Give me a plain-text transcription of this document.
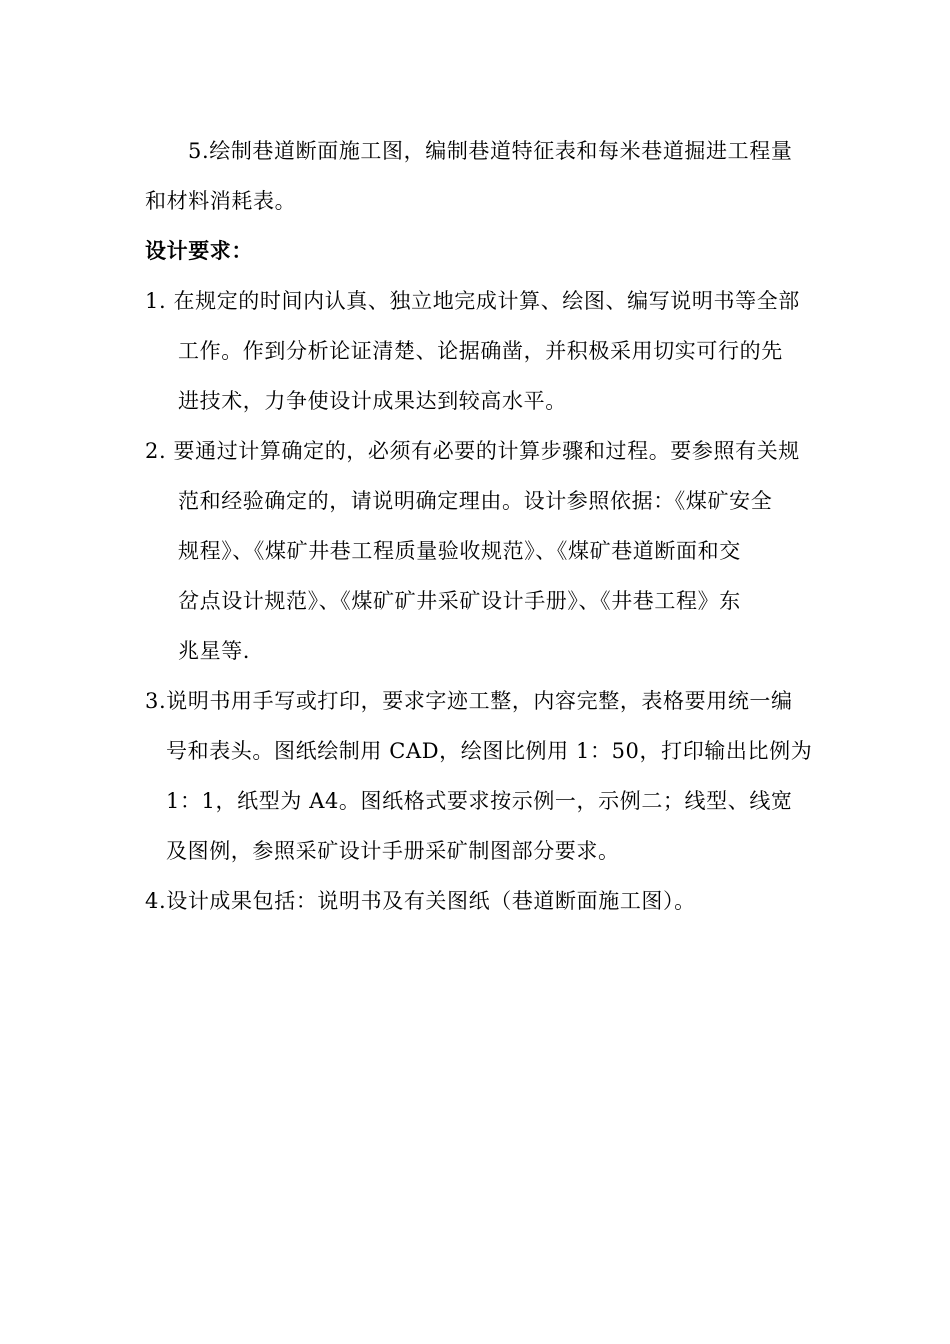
5.绘制巷道断面施工图，编制巷道特征表和每米巷道掘进工程量
和材料消耗表。
设计要求：
1. 在规定的时间内认真、独立地完成计算、绘图、编写说明书等全部
工作。作到分析论证清楚、论据确凿，并积极采用切实可行的先
进技术，力争使设计成果达到较高水平。
2. 要通过计算确定的，必须有必要的计算步骤和过程。要参照有关规
范和经验确定的，请说明确定理由。设计参照依据：《煤矿安全
规程》、《煤矿井巷工程质量验收规范》、《煤矿巷道断面和交
岔点设计规范》、《煤矿矿井采矿设计手册》、《井巷工程》东
兆星等.
3.说明书用手写或打印，要求字迹工整，内容完整，表格要用统一编
号和表头。图纸绘制用 CAD，绘图比例用 1：50，打印输出比例为
1：1，纸型为 A4。图纸格式要求按示例一，示例二；线型、线宽
及图例，参照采矿设计手册采矿制图部分要求。
4.设计成果包括：说明书及有关图纸（巷道断面施工图）。
